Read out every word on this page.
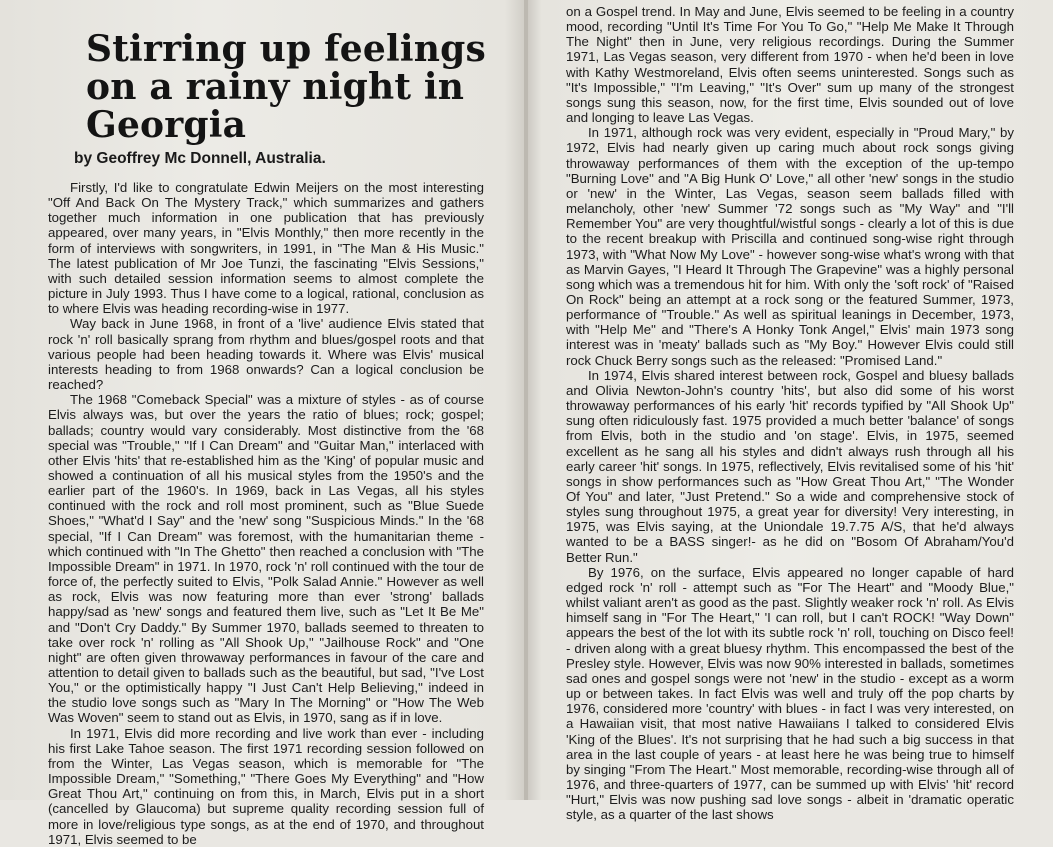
Stirring up feelings on a rainy night in Georgia

by Geoffrey Mc Donnell, Australia.

Firstly, I'd like to congratulate Edwin Meijers on the most interesting "Off And Back On The Mystery Track," which summarizes and gathers together much information in one publication that has previously appeared, over many years, in "Elvis Monthly," then more recently in the form of interviews with songwriters, in 1991, in "The Man & His Music." The latest publication of Mr Joe Tunzi, the fascinating "Elvis Sessions," with such detailed session information seems to almost complete the picture in July 1993. Thus I have come to a logical, rational, conclusion as to where Elvis was heading recording-wise in 1977.

Way back in June 1968, in front of a 'live' audience Elvis stated that rock 'n' roll basically sprang from rhythm and blues/gospel roots and that various people had been heading towards it. Where was Elvis' musical interests heading to from 1968 onwards? Can a logical conclusion be reached?

The 1968 "Comeback Special" was a mixture of styles - as of course Elvis always was, but over the years the ratio of blues; rock; gospel; ballads; country would vary considerably. Most distinctive from the '68 special was "Trouble," "If I Can Dream" and "Guitar Man," interlaced with other Elvis 'hits' that re-established him as the 'King' of popular music and showed a continuation of all his musical styles from the 1950's and the earlier part of the 1960's. In 1969, back in Las Vegas, all his styles continued with the rock and roll most prominent, such as "Blue Suede Shoes," "What'd I Say" and the 'new' song "Suspicious Minds." In the '68 special, "If I Can Dream" was foremost, with the humanitarian theme - which continued with "In The Ghetto" then reached a conclusion with "The Impossible Dream" in 1971. In 1970, rock 'n' roll continued with the tour de force of, the perfectly suited to Elvis, "Polk Salad Annie." However as well as rock, Elvis was now featuring more than ever 'strong' ballads happy/sad as 'new' songs and featured them live, such as "Let It Be Me" and "Don't Cry Daddy." By Summer 1970, ballads seemed to threaten to take over rock 'n' rolling as "All Shook Up," "Jailhouse Rock" and "One night" are often given throwaway performances in favour of the care and attention to detail given to ballads such as the beautiful, but sad, "I've Lost You," or the optimistically happy "I Just Can't Help Believing," indeed in the studio love songs such as "Mary In The Morning" or "How The Web Was Woven" seem to stand out as Elvis, in 1970, sang as if in love.

In 1971, Elvis did more recording and live work than ever - including his first Lake Tahoe season. The first 1971 recording session followed on from the Winter, Las Vegas season, which is memorable for "The Impossible Dream," "Something," "There Goes My Everything" and "How Great Thou Art," continuing on from this, in March, Elvis put in a short (cancelled by Glaucoma) but supreme quality recording session full of more in love/religious type songs, as at the end of 1970, and throughout 1971, Elvis seemed to be

on a Gospel trend. In May and June, Elvis seemed to be feeling in a country mood, recording "Until It's Time For You To Go," "Help Me Make It Through The Night" then in June, very religious recordings. During the Summer 1971, Las Vegas season, very different from 1970 - when he'd been in love with Kathy Westmoreland, Elvis often seems uninterested. Songs such as "It's Impossible," "I'm Leaving," "It's Over" sum up many of the strongest songs sung this season, now, for the first time, Elvis sounded out of love and longing to leave Las Vegas.

In 1971, although rock was very evident, especially in "Proud Mary," by 1972, Elvis had nearly given up caring much about rock songs giving throwaway performances of them with the exception of the up-tempo "Burning Love" and "A Big Hunk O' Love," all other 'new' songs in the studio or 'new' in the Winter, Las Vegas, season seem ballads filled with melancholy, other 'new' Summer '72 songs such as "My Way" and "I'll Remember You" are very thoughtful/wistful songs - clearly a lot of this is due to the recent breakup with Priscilla and continued song-wise right through 1973, with "What Now My Love" - however song-wise what's wrong with that as Marvin Gayes, "I Heard It Through The Grapevine" was a highly personal song which was a tremendous hit for him. With only the 'soft rock' of "Raised On Rock" being an attempt at a rock song or the featured Summer, 1973, performance of "Trouble." As well as spiritual leanings in December, 1973, with "Help Me" and "There's A Honky Tonk Angel," Elvis' main 1973 song interest was in 'meaty' ballads such as "My Boy." However Elvis could still rock Chuck Berry songs such as the released: "Promised Land."

In 1974, Elvis shared interest between rock, Gospel and bluesy ballads and Olivia Newton-John's country 'hits', but also did some of his worst throwaway performances of his early 'hit' records typified by "All Shook Up" sung often ridiculously fast. 1975 provided a much better 'balance' of songs from Elvis, both in the studio and 'on stage'. Elvis, in 1975, seemed excellent as he sang all his styles and didn't always rush through all his early career 'hit' songs. In 1975, reflectively, Elvis revitalised some of his 'hit' songs in show performances such as "How Great Thou Art," "The Wonder Of You" and later, "Just Pretend." So a wide and comprehensive stock of styles sung throughout 1975, a great year for diversity! Very interesting, in 1975, was Elvis saying, at the Uniondale 19.7.75 A/S, that he'd always wanted to be a BASS singer!- as he did on "Bosom Of Abraham/You'd Better Run."

By 1976, on the surface, Elvis appeared no longer capable of hard edged rock 'n' roll - attempt such as "For The Heart" and "Moody Blue," whilst valiant aren't as good as the past. Slightly weaker rock 'n' roll. As Elvis himself sang in "For The Heart," 'I can roll, but I can't ROCK! "Way Down" appears the best of the lot with its subtle rock 'n' roll, touching on Disco feel! - driven along with a great bluesy rhythm. This encompassed the best of the Presley style. However, Elvis was now 90% interested in ballads, sometimes sad ones and gospel songs were not 'new' in the studio - except as a worm up or between takes. In fact Elvis was well and truly off the pop charts by 1976, considered more 'country' with blues - in fact I was very interested, on a Hawaiian visit, that most native Hawaiians I talked to considered Elvis 'King of the Blues'. It's not surprising that he had such a big success in that area in the last couple of years - at least here he was being true to himself by singing "From The Heart." Most memorable, recording-wise through all of 1976, and three-quarters of 1977, can be summed up with Elvis' 'hit' record "Hurt," Elvis was now pushing sad love songs - albeit in 'dramatic operatic style, as a quarter of the last shows
